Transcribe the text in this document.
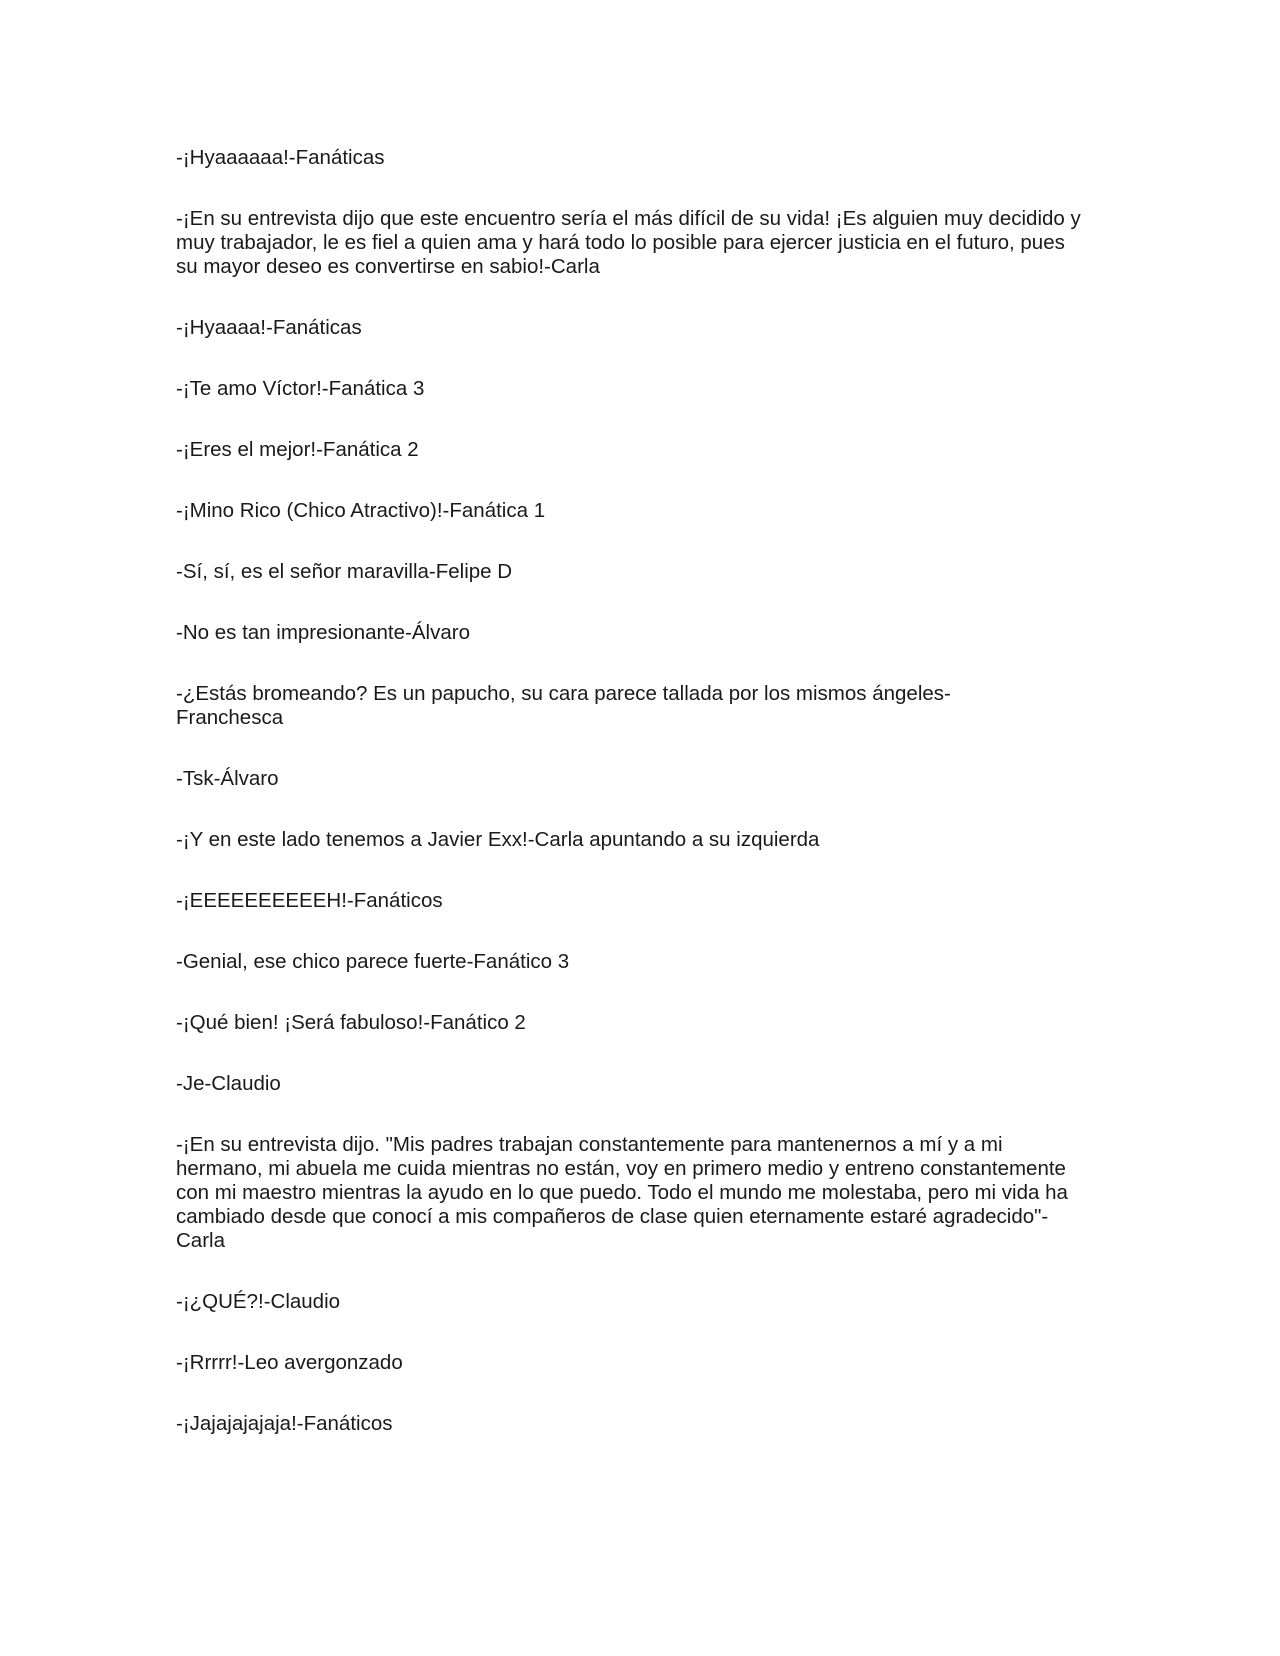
-¡Hyaaaaaa!-Fanáticas

-¡En su entrevista dijo que este encuentro sería el más difícil de su vida! ¡Es alguien muy decidido y
muy trabajador, le es fiel a quien ama y hará todo lo posible para ejercer justicia en el futuro, pues
su mayor deseo es convertirse en sabio!-Carla

-¡Hyaaaa!-Fanáticas

-¡Te amo Víctor!-Fanática 3

-¡Eres el mejor!-Fanática 2

-¡Mino Rico (Chico Atractivo)!-Fanática 1

-Sí, sí, es el señor maravilla-Felipe D

-No es tan impresionante-Álvaro

-¿Estás bromeando? Es un papucho, su cara parece tallada por los mismos ángeles-
Franchesca

-Tsk-Álvaro

-¡Y en este lado tenemos a Javier Exx!-Carla apuntando a su izquierda

-¡EEEEEEEEEEH!-Fanáticos

-Genial, ese chico parece fuerte-Fanático 3

-¡Qué bien! ¡Será fabuloso!-Fanático 2

-Je-Claudio

-¡En su entrevista dijo. "Mis padres trabajan constantemente para mantenernos a mí y a mi
hermano, mi abuela me cuida mientras no están, voy en primero medio y entreno constantemente
con mi maestro mientras la ayudo en lo que puedo. Todo el mundo me molestaba, pero mi vida ha
cambiado desde que conocí a mis compañeros de clase quien eternamente estaré agradecido"-
Carla

-¡¿QUÉ?!-Claudio

-¡Rrrrr!-Leo avergonzado

-¡Jajajajajaja!-Fanáticos
